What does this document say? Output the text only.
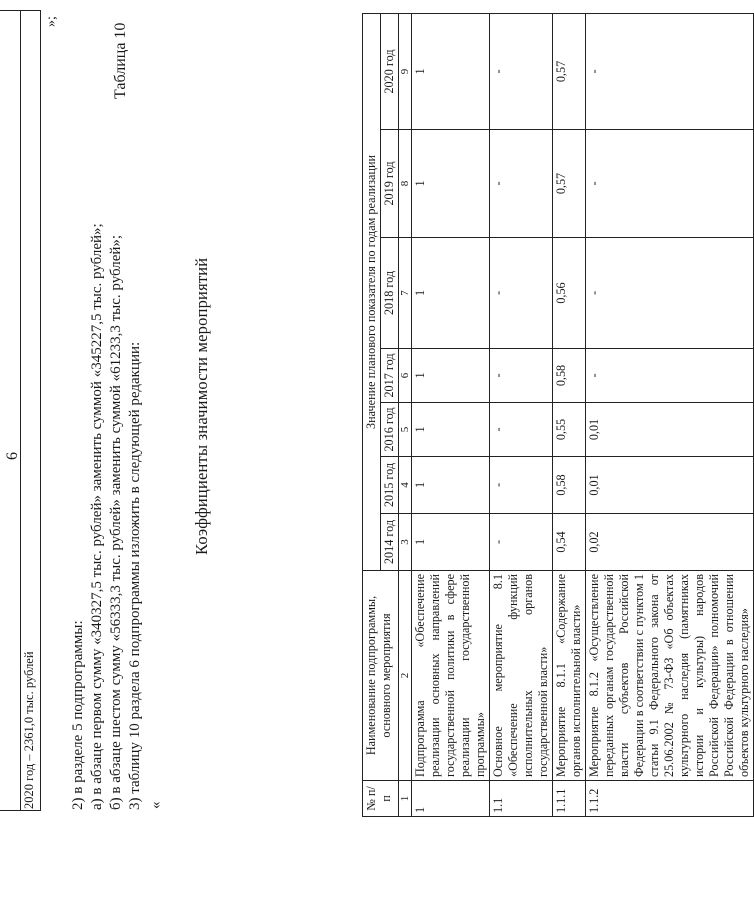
6
2020 год – 2361,0 тыс. рублей
»;
2) в разделе 5 подпрограммы: а) в абзаце первом сумму «340327,5 тыс. рублей» заменить суммой «345227,5 тыс. рублей»; б) в абзаце шестом сумму «56333,3 тыс. рублей» заменить суммой «61233,3 тыс. рублей»; 3) таблицу 10 раздела 6 подпрограммы изложить в следующей редакции: «
Таблица 10
Коэффициенты значимости мероприятий
№ п/п	Наименование подпрограммы, основного мероприятия	Значение планового показателя по годам реализации						
		2014 год	2015 год	2016 год	2017 год	2018 год	2019 год	2020 год
1	2	3	4	5	6	7	8	9
1	Подпрограмма «Обеспечение реализации основных направлений государственной политики в сфере реализации государственной программы»	1	1	1	1	1	1	1
1.1	Основное мероприятие 8.1 «Обеспечение функций исполнительных органов государственной власти»	-	-	-	-	-	-	-
1.1.1	Мероприятие 8.1.1 «Содержание органов исполнительной власти»	0,54	0,58	0,55	0,58	0,56	0,57	0,57
1.1.2	Мероприятие 8.1.2 «Осуществление переданных органам государственной власти субъектов Российской Федерации в соответствии с пунктом 1 статьи 9.1 Федерального закона от 25.06.2002 № 73-ФЗ «Об объектах культурного наследия (памятниках истории и культуры) народов Российской Федерации» полномочий Российской Федерации в отношении объектов культурного наследия»	0,02	0,01	0,01	-	-	-	-
